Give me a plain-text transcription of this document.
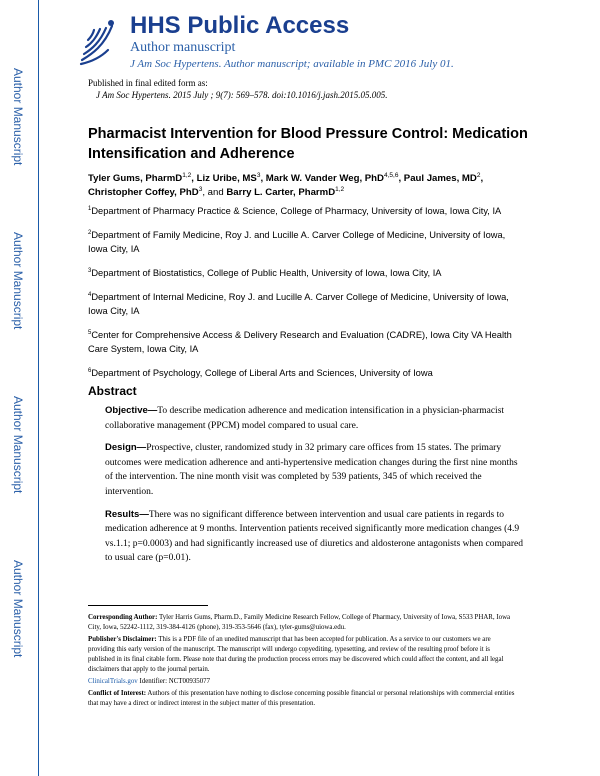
Author Manuscript
Author Manuscript
Author Manuscript
Author Manuscript
HHS Public Access
Author manuscript
J Am Soc Hypertens. Author manuscript; available in PMC 2016 July 01.
Published in final edited form as:
J Am Soc Hypertens. 2015 July ; 9(7): 569–578. doi:10.1016/j.jash.2015.05.005.
Pharmacist Intervention for Blood Pressure Control: Medication Intensification and Adherence
Tyler Gums, PharmD$^{1,2}$, Liz Uribe, $MS^3$, Mark W. Vander Weg, PhD$^{4,5,6}$, Paul James, $MD^2$, Christopher Coffey, PhD$^3$, and Barry L. Carter, PharmD$^{1,2}$

$^1$Department of Pharmacy Practice & Science, College of Pharmacy, University of Iowa, Iowa City, IA

$^2$Department of Family Medicine, Roy J. and Lucille A. Carver College of Medicine, University of Iowa, Iowa City, IA

$^3$Department of Biostatistics, College of Public Health, University of Iowa, Iowa City, IA

$^4$Department of Internal Medicine, Roy J. and Lucille A. Carver College of Medicine, University of Iowa, Iowa City, IA

$^5$Center for Comprehensive Access & Delivery Research and Evaluation (CADRE), Iowa City VA Health Care System, Iowa City, IA

$^6$Department of Psychology, College of Liberal Arts and Sciences, University of Iowa

Abstract

Objective—To describe medication adherence and medication intensification in a physician-pharmacist collaborative management (PPCM) model compared to usual care.

Design—Prospective, cluster, randomized study in 32 primary care offices from 15 states. The primary outcomes were medication adherence and anti-hypertensive medication changes during the first nine months of the intervention. The nine month visit was completed by 539 patients, 345 of which received the intervention.

Results—There was no significant difference between intervention and usual care patients in regards to medication adherence at 9 months. Intervention patients received significantly more medication changes (4.9 vs.1.1; p=0.0003) and had significantly increased use of diuretics and aldosterone antagonists when compared to usual care (p=0.01).

Corresponding Author: Tyler Harris Gums, Pharm.D., Family Medicine Research Fellow, College of Pharmacy, University of Iowa, S533 PHAR, Iowa City, Iowa, 52242-1112, 319-384-4126 (phone), 319-353-5646 (fax), tyler-gums@uiowa.edu.

Publisher's Disclaimer: This is a PDF file of an unedited manuscript that has been accepted for publication. As a service to our customers we are providing this early version of the manuscript. The manuscript will undergo copyediting, typesetting, and review of the resulting proof before it is published in its final citable form. Please note that during the production process errors may be discovered which could affect the content, and all legal disclaimers that apply to the journal pertain.

ClinicalTrials.gov Identifier: NCT00935077

Conflict of Interest: Authors of this presentation have nothing to disclose concerning possible financial or personal relationships with commercial entities that may have a direct or indirect interest in the subject matter of this presentation.
